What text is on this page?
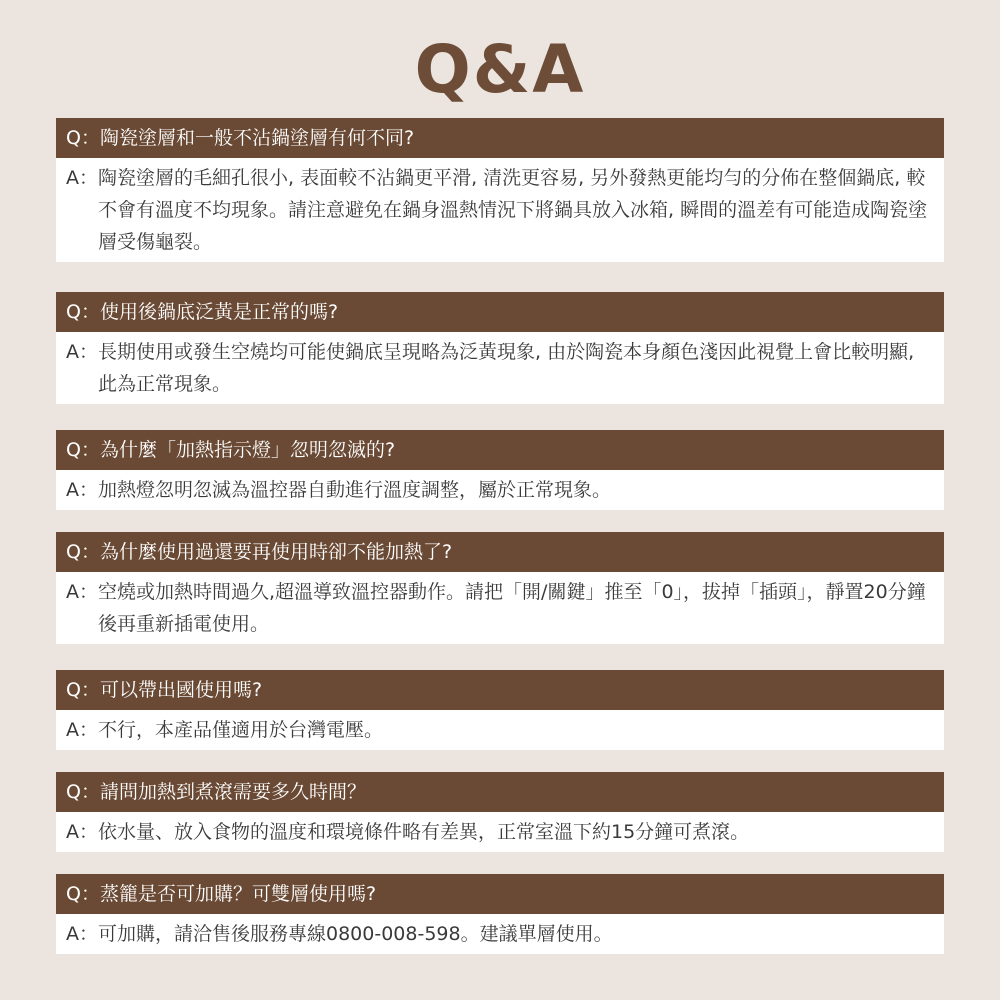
Q&A
Q：陶瓷塗層和一般不沾鍋塗層有何不同?
A： 陶瓷塗層的毛細孔很小, 表面較不沾鍋更平滑, 清洗更容易, 另外發熱更能均勻的分佈在整個鍋底, 較不會有溫度不均現象。請注意避免在鍋身溫熱情況下將鍋具放入冰箱, 瞬間的溫差有可能造成陶瓷塗層受傷龜裂。
Q：使用後鍋底泛黃是正常的嗎?
A： 長期使用或發生空燒均可能使鍋底呈現略為泛黃現象, 由於陶瓷本身顏色淺因此視覺上會比較明顯, 此為正常現象。
Q：為什麼「加熱指示燈」忽明忽滅的?
A： 加熱燈忽明忽滅為溫控器自動進行溫度調整，屬於正常現象。
Q：為什麼使用過還要再使用時卻不能加熱了?
A： 空燒或加熱時間過久,超溫導致溫控器動作。請把「開/關鍵」推至「0」，拔掉「插頭」，靜置20分鐘後再重新插電使用。
Q：可以帶出國使用嗎?
A： 不行，本產品僅適用於台灣電壓。
Q：請問加熱到煮滾需要多久時間？
A： 依水量、放入食物的溫度和環境條件略有差異，正常室溫下約15分鐘可煮滾。
Q：蒸籠是否可加購？可雙層使用嗎?
A： 可加購，請洽售後服務專線0800-008-598。建議單層使用。
